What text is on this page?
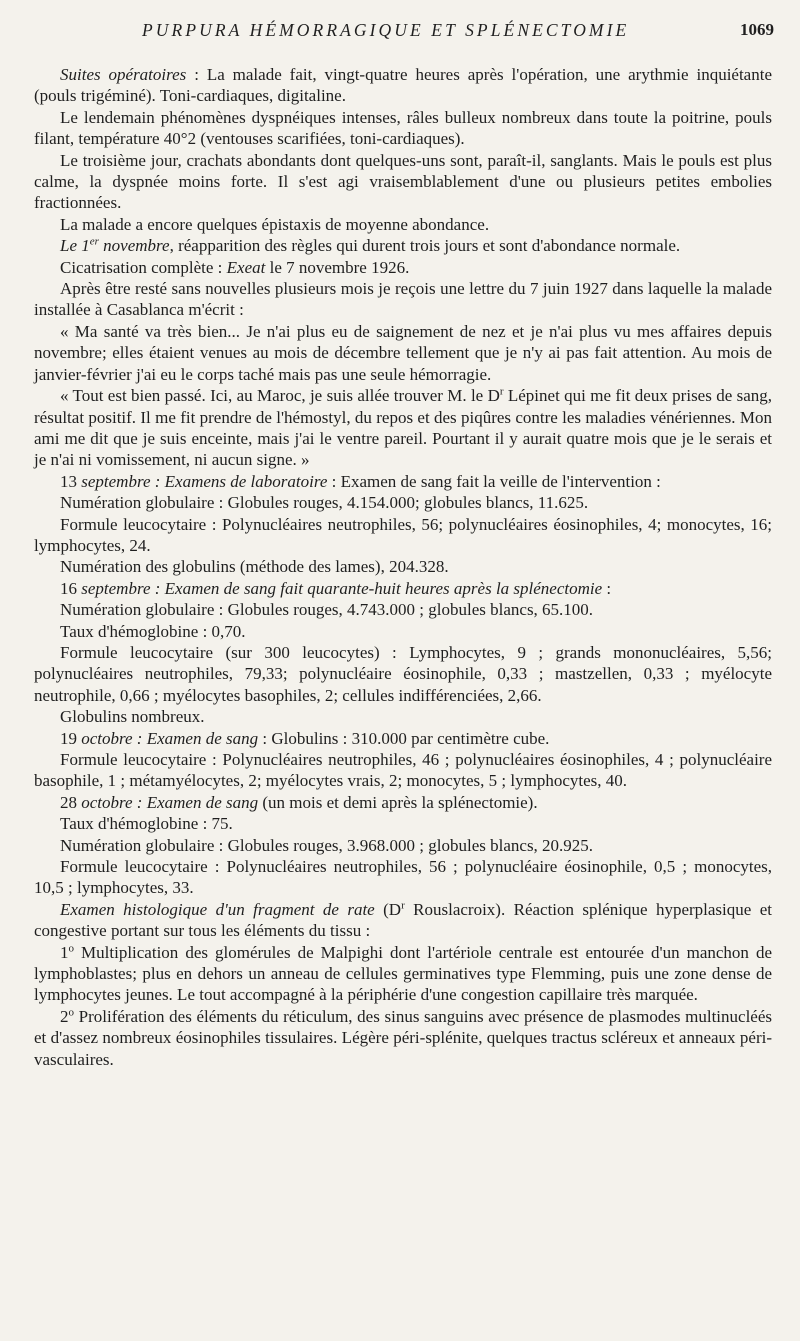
PURPURA HÉMORRAGIQUE ET SPLÉNECTOMIE	1069

Suites opératoires : La malade fait, vingt-quatre heures après l'opération, une arythmie inquiétante (pouls trigéminé). Toni-cardiaques, digitaline.

Le lendemain phénomènes dyspnéiques intenses, râles bulleux nombreux dans toute la poitrine, pouls filant, température 40°2 (ventouses scarifiées, toni-cardiaques).

Le troisième jour, crachats abondants dont quelques-uns sont, paraît-il, sanglants. Mais le pouls est plus calme, la dyspnée moins forte. Il s'est agi vraisemblablement d'une ou plusieurs petites embolies fractionnées.

La malade a encore quelques épistaxis de moyenne abondance.

Le 1er novembre, réapparition des règles qui durent trois jours et sont d'abondance normale.

Cicatrisation complète : Exeat le 7 novembre 1926.

Après être resté sans nouvelles plusieurs mois je reçois une lettre du 7 juin 1927 dans laquelle la malade installée à Casablanca m'écrit :

« Ma santé va très bien... Je n'ai plus eu de saignement de nez et je n'ai plus vu mes affaires depuis novembre; elles étaient venues au mois de décembre tellement que je n'y ai pas fait attention. Au mois de janvier-février j'ai eu le corps taché mais pas une seule hémorragie.

« Tout est bien passé. Ici, au Maroc, je suis allée trouver M. le $D^r$ Lépinet qui me fit deux prises de sang, résultat positif. Il me fit prendre de l'hémostyl, du repos et des piqûres contre les maladies vénériennes. Mon ami me dit que je suis enceinte, mais j'ai le ventre pareil. Pourtant il y aurait quatre mois que je le serais et je n'ai ni vomissement, ni aucun signe. »

13 septembre : Examens de laboratoire : Examen de sang fait la veille de l'intervention :

Numération globulaire : Globules rouges, 4.154.000; globules blancs, 11.625.

Formule leucocytaire : Polynucléaires neutrophiles, 56; polynucléaires éosinophiles, 4; monocytes, 16; lymphocytes, 24.

Numération des globulins (méthode des lames), 204.328.

16 septembre : Examen de sang fait quarante-huit heures après la splénectomie :

Numération globulaire : Globules rouges, 4.743.000 ; globules blancs, 65.100.

Taux d'hémoglobine : 0,70.

Formule leucocytaire (sur 300 leucocytes) : Lymphocytes, 9 ; grands mononucléaires, 5,56; polynucléaires neutrophiles, 79,33; polynucléaire éosinophile, 0,33 ; mastzellen, 0,33 ; myélocyte neutrophile, 0,66 ; myélocytes basophiles, 2; cellules indifférenciées, 2,66.

Globulins nombreux.

19 octobre : Examen de sang : Globulins : 310.000 par centimètre cube.

Formule leucocytaire : Polynucléaires neutrophiles, 46 ; polynucléaires éosinophiles, 4 ; polynucléaire basophile, 1 ; métamyélocytes, 2; myélocytes vrais, 2; monocytes, 5 ; lymphocytes, 40.

28 octobre : Examen de sang (un mois et demi après la splénectomie).

Taux d'hémoglobine : 75.

Numération globulaire : Globules rouges, 3.968.000 ; globules blancs, 20.925.

Formule leucocytaire : Polynucléaires neutrophiles, 56 ; polynucléaire éosinophile, 0,5 ; monocytes, 10,5 ; lymphocytes, 33.

Examen histologique d'un fragment de rate ($D^r$ Rouslacroix). Réaction splénique hyperplasique et congestive portant sur tous les éléments du tissu :

1$^o$ Multiplication des glomérules de Malpighi dont l'artériole centrale est entourée d'un manchon de lymphoblastes; plus en dehors un anneau de cellules germinatives type Flemming, puis une zone dense de lymphocytes jeunes. Le tout accompagné à la périphérie d'une congestion capillaire très marquée.

2$^o$ Prolifération des éléments du réticulum, des sinus sanguins avec présence de plasmodes multinucléés et d'assez nombreux éosinophiles tissulaires. Légère péri-splénite, quelques tractus scléreux et anneaux péri-vasculaires.
